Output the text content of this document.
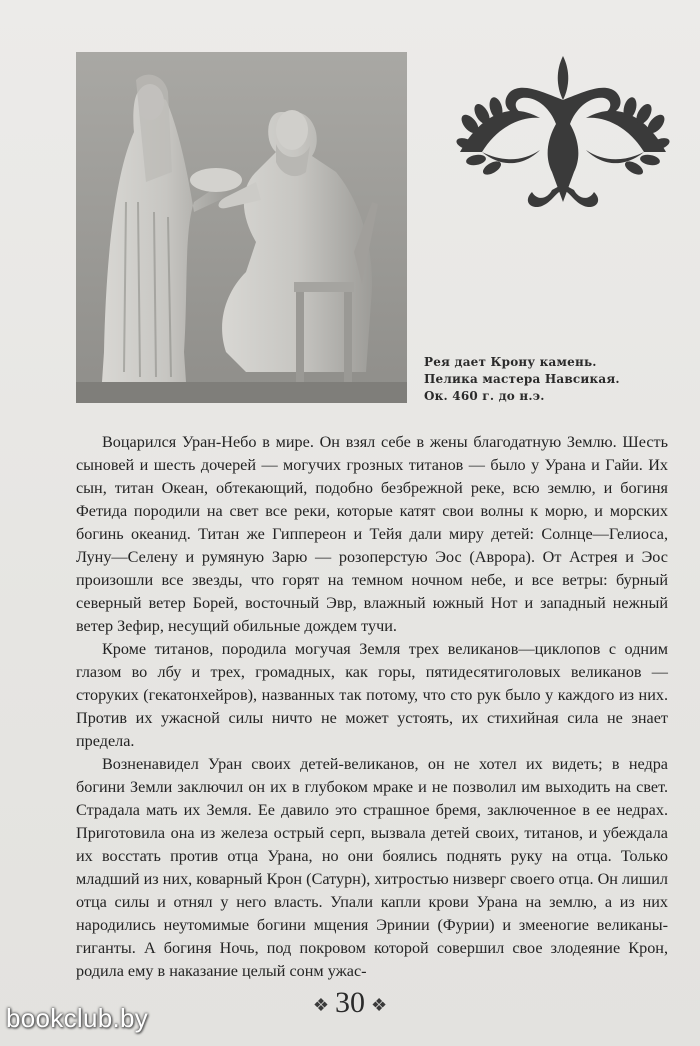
Рея дает Крону камень.
Пелика мастера Навсикая.
Ок. 460 г. до н.э.

Воцарился Уран-Небо в мире. Он взял себе в жены благодатную Землю. Шесть сыновей и шесть дочерей — могучих грозных титанов — было у Урана и Гайи. Их сын, титан Океан, обтекающий, подобно безбрежной реке, всю землю, и богиня Фетида породили на свет все реки, которые катят свои волны к морю, и морских богинь океанид. Титан же Гиппереон и Тейя дали миру детей: Солнце—Гелиоса, Луну—Селену и румяную Зарю — розоперстую Эос (Аврора). От Астрея и Эос произошли все звезды, что горят на темном ночном небе, и все ветры: бурный северный ветер Борей, восточный Эвр, влажный южный Нот и западный нежный ветер Зефир, несущий обильные дождем тучи.

Кроме титанов, породила могучая Земля трех великанов—циклопов с одним глазом во лбу и трех, громадных, как горы, пятидесятиголовых великанов — сторуких (гекатонхейров), названных так потому, что сто рук было у каждого из них. Против их ужасной силы ничто не может устоять, их стихийная сила не знает предела.

Возненавидел Уран своих детей-великанов, он не хотел их видеть; в недра богини Земли заключил он их в глубоком мраке и не позволил им выходить на свет. Страдала мать их Земля. Ее давило это страшное бремя, заключенное в ее недрах. Приготовила она из железа острый серп, вызвала детей своих, титанов, и убеждала их восстать против отца Урана, но они боялись поднять руку на отца. Только младший из них, коварный Крон (Сатурн), хитростью низверг своего отца. Он лишил отца силы и отнял у него власть. Упали капли крови Урана на землю, а из них народились неутомимые богини мщения Эринии (Фурии) и змееногие великаны-гиганты. А богиня Ночь, под покровом которой совершил свое злодеяние Крон, родила ему в наказание целый сонм ужас-

❖ 30 ❖
bookclub.by
